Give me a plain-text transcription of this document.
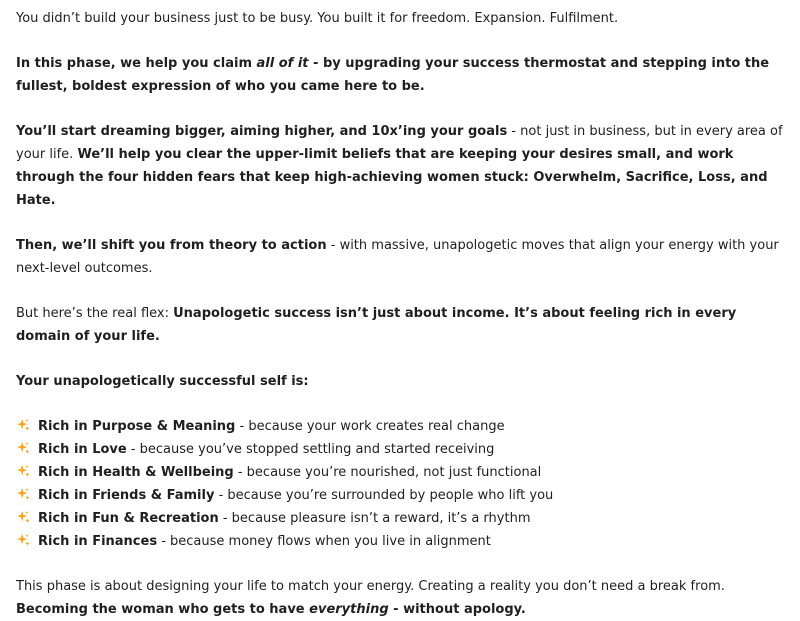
You didn’t build your business just to be busy. You built it for freedom. Expansion. Fulfilment.

In this phase, we help you claim all of it - by upgrading your success thermostat and stepping into the fullest, boldest expression of who you came here to be.

You’ll start dreaming bigger, aiming higher, and 10x’ing your goals - not just in business, but in every area of your life. We’ll help you clear the upper-limit beliefs that are keeping your desires small, and work through the four hidden fears that keep high-achieving women stuck: Overwhelm, Sacrifice, Loss, and Hate.

Then, we’ll shift you from theory to action - with massive, unapologetic moves that align your energy with your next-level outcomes.

But here’s the real flex: Unapologetic success isn’t just about income. It’s about feeling rich in every domain of your life.

Your unapologetically successful self is:

Rich in Purpose & Meaning - because your work creates real change
Rich in Love - because you’ve stopped settling and started receiving
Rich in Health & Wellbeing - because you’re nourished, not just functional
Rich in Friends & Family - because you’re surrounded by people who lift you
Rich in Fun & Recreation - because pleasure isn’t a reward, it’s a rhythm
Rich in Finances - because money flows when you live in alignment

This phase is about designing your life to match your energy. Creating a reality you don’t need a break from. Becoming the woman who gets to have everything - without apology.
